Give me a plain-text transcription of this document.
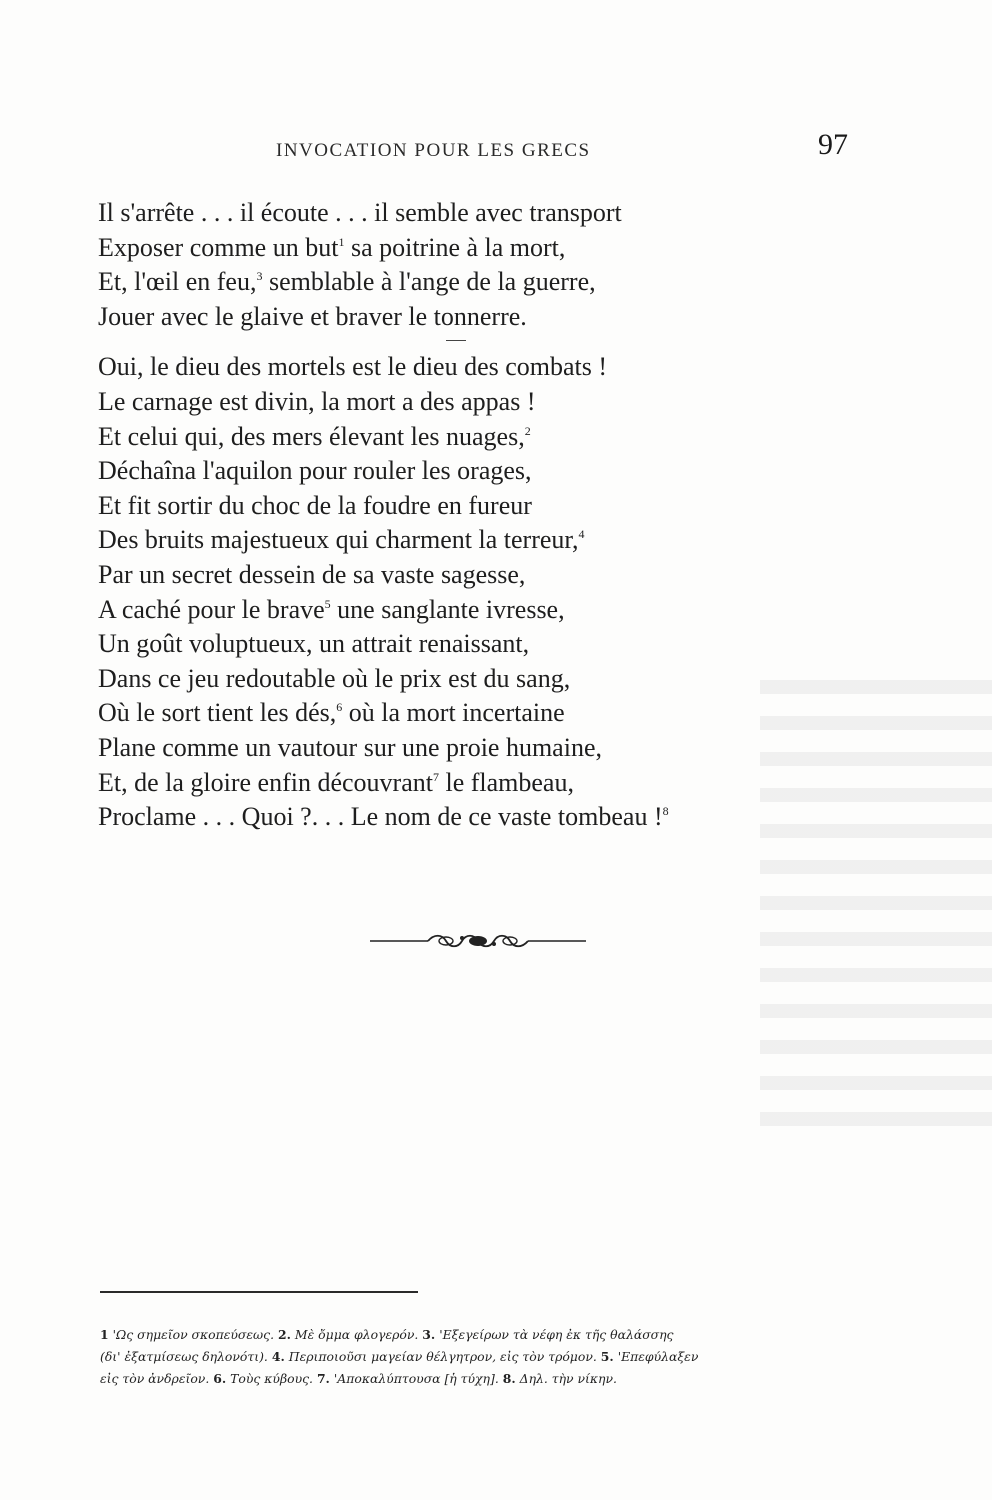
INVOCATION POUR LES GRECS	97
Il s'arrête . . . il écoute . . . il semble avec transport
Exposer comme un but$^1$ sa poitrine à la mort,
Et, l'œil en feu,$^3$ semblable à l'ange de la guerre,
Jouer avec le glaive et braver le tonnerre.
Oui, le dieu des mortels est le dieu des combats !
Le carnage est divin, la mort a des appas !
Et celui qui, des mers élevant les nuages,$^2$
Déchaîna l'aquilon pour rouler les orages,
Et fit sortir du choc de la foudre en fureur
Des bruits majestueux qui charment la terreur,$^4$
Par un secret dessein de sa vaste sagesse,
A caché pour le brave$^5$ une sanglante ivresse,
Un goût voluptueux, un attrait renaissant,
Dans ce jeu redoutable où le prix est du sang,
Où le sort tient les dés,$^6$ où la mort incertaine
Plane comme un vautour sur une proie humaine,
Et, de la gloire enfin découvrant$^7$ le flambeau,
Proclame . . . Quoi ?. . . Le nom de ce vaste tombeau !$^8$
1 'Ως σημεῖον σκοπεύσεως. 2. Μὲ ὄμμα φλογερόν. 3. 'Εξεγείρων τὰ νέφη ἐκ τῆς θαλάσσης
(δι' ἐξατμίσεως δηλονότι). 4. Περιποιοῦσι μαγείαν θέλγητρον, εἰς τὸν τρόμον. 5. 'Επεφύλαξεν
εἰς τὸν ἀνδρεῖον. 6. Τοὺς κύβους. 7. 'Αποκαλύπτουσα [ἡ τύχη]. 8. Δηλ. τὴν νίκην.
